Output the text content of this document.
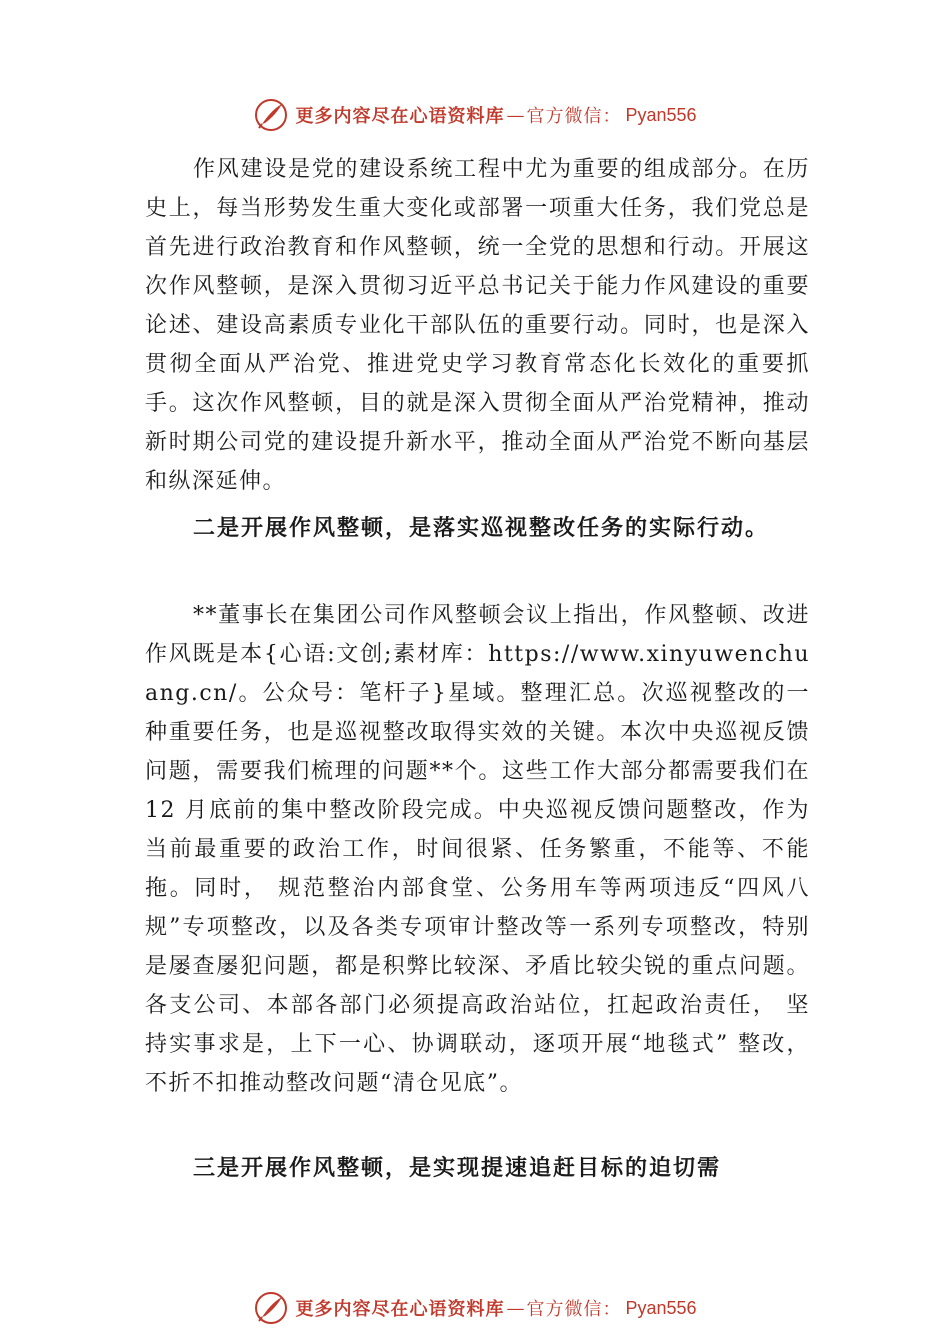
更多内容尽在心语资料库 — 官方微信： Pyan556

作风建设是党的建设系统工程中尤为重要的组成部分。在历史上，每当形势发生重大变化或部署一项重大任务，我们党总是首先进行政治教育和作风整顿，统一全党的思想和行动。开展这次作风整顿，是深入贯彻习近平总书记关于能力作风建设的重要论述、建设高素质专业化干部队伍的重要行动。同时，也是深入贯彻全面从严治党、推进党史学习教育常态化长效化的重要抓手。这次作风整顿，目的就是深入贯彻全面从严治党精神，推动新时期公司党的建设提升新水平，推动全面从严治党不断向基层和纵深延伸。

二是开展作风整顿，是落实巡视整改任务的实际行动。

**董事长在集团公司作风整顿会议上指出，作风整顿、改进作风既是本{心语:文创;素材库：https://www.xinyuwenchuang.cn/。公众号：笔杆子}星域。整理汇总。次巡视整改的一种重要任务，也是巡视整改取得实效的关键。本次中央巡视反馈问题，需要我们梳理的问题**个。这些工作大部分都需要我们在 12 月底前的集中整改阶段完成。中央巡视反馈问题整改，作为当前最重要的政治工作，时间很紧、任务繁重，不能等、不能拖。同时， 规范整治内部食堂、公务用车等两项违反“四风八规”专项整改，以及各类专项审计整改等一系列专项整改，特别是屡查屡犯问题，都是积弊比较深、矛盾比较尖锐的重点问题。 各支公司、本部各部门必须提高政治站位，扛起政治责任， 坚持实事求是，上下一心、协调联动，逐项开展“地毯式” 整改，不折不扣推动整改问题“清仓见底”。

三是开展作风整顿，是实现提速追赶目标的迫切需

更多内容尽在心语资料库 — 官方微信： Pyan556
